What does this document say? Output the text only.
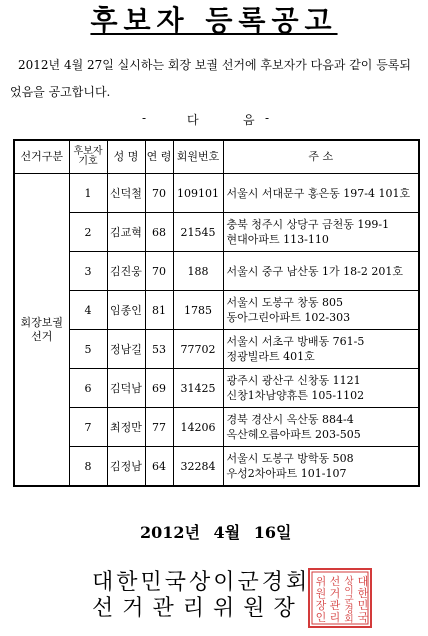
후보자 등록공고
2012년 4월 27일 실시하는 회장 보궐 선거에 후보자가 다음과 같이 등록되었음을 공고합니다.
-	다	음 -
선거구분	후보자 기호	성 명	연 령	회원번호	주 소
회장보궐 선거	1	신덕철	70	109101	서울시 서대문구 홍은동 197-4 101호

	2	김교혁	68	21545	충북 청주시 상당구 금천동 199-1
현대아파트 113-110

	3	김진웅	70	188	서울시 중구 남산동 1가 18-2 201호

	4	임종인	81	1785	서울시 도봉구 창동 805
동아그린아파트 102-303

	5	정남길	53	77702	서울시 서초구 방배동 761-5
정광빌라트 401호

	6	김덕남	69	31425	광주시 광산구 신창동 1121
신창1차남양휴튼 105-1102

	7	최정만	77	14206	경북 경산시 옥산동 884-4
옥산헤오름아파트 203-505

	8	김정남	64	32284	서울시 도봉구 방학동 508
우성2차아파트 101-107
2012년 4월 16일
대한민국상이군경회
선거관리위원장
대
한
민
국
상
이
군
경
회
선
거
관
리
위
원
장
인
